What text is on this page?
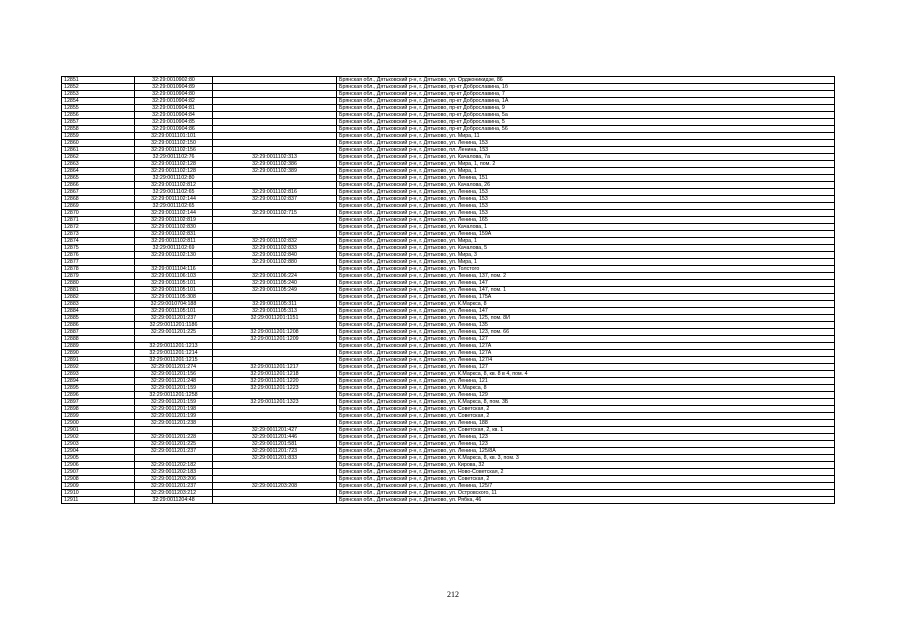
12851	32:29:0010902:80		Брянская обл., Дятьковский р-н, г. Дятьково, ул. Орджоникидзе, 86
12852	32:29:0010904:89		Брянская обл., Дятьковский р-н, г. Дятьково, пр-кт Доброславина, 1б
12853	32:29:0010904:80		Брянская обл., Дятьковский р-н, г. Дятьково, пр-кт Доброславина, 7
12854	32:29:0010904:82		Брянская обл., Дятьковский р-н, г. Дятьково, пр-кт Доброславина, 1А
12855	32:29:0010904:81		Брянская обл., Дятьковский р-н, г. Дятьково, пр-кт Доброславина, 9
12856	32:29:0010904:84		Брянская обл., Дятьковский р-н, г. Дятьково, пр-кт Доброславина, 5а
12857	32:29:0010904:85		Брянская обл., Дятьковский р-н, г. Дятьково, пр-кт Доброславина, 5
12858	32:29:0010904:86		Брянская обл., Дятьковский р-н, г. Дятьково, пр-кт Доброславина, 56
12859	32:29:0011101:101		Брянская обл., Дятьковский р-н, г. Дятьково, ул. Мира, 11
12860	32:29:0011102:150		Брянская обл., Дятьковский р-н, г. Дятьково, ул. Ленина, 153
12861	32:29:0011102:156		Брянская обл., Дятьковский р-н, г. Дятьково, пл. Ленина, 153
12862	32:29:0011102:76	32:29:0011102:313	Брянская обл., Дятьковский р-н, г. Дятьково, ул. Качалова, 7а
12863	32:29:0011102:128	32:29:0011102:386	Брянская обл., Дятьковский р-н, г. Дятьково, ул. Мира, 1, пом. 2
12864	32:29:0011102:128	32:29:0011102:389	Брянская обл., Дятьковский р-н, г. Дятьково, ул. Мира, 1
12865	32:29:0011102:80		Брянская обл., Дятьковский р-н, г. Дятьково, ул. Ленина, 151
12866	32:29:0011102:812		Брянская обл., Дятьковский р-н, г. Дятьково, ул. Качалова, 26
12867	32:29:0011102:65	32:29:0011102:816	Брянская обл., Дятьковский р-н, г. Дятьково, ул. Ленина, 153
12868	32:29:0011102:144	32:29:0011102:837	Брянская обл., Дятьковский р-н, г. Дятьково, ул. Ленина, 153
12869	32:29:0011102:65		Брянская обл., Дятьковский р-н, г. Дятьково, ул. Ленина, 153
12870	32:29:0011102:144	32:29:0011102:715	Брянская обл., Дятьковский р-н, г. Дятьково, ул. Ленина, 153
12871	32:29:0011102:819		Брянская обл., Дятьковский р-н, г. Дятьково, ул. Ленина, 165
12872	32:29:0011102:830		Брянская обл., Дятьковский р-н, г. Дятьково, ул. Качалова, 1
12873	32:29:0011102:831		Брянская обл., Дятьковский р-н, г. Дятьково, ул. Ленина, 159А
12874	32:29:0011102:811	32:29:0011102:832	Брянская обл., Дятьковский р-н, г. Дятьково, ул. Мира, 1
12875	32:29:0011102:69	32:29:0011102:833	Брянская обл., Дятьковский р-н, г. Дятьково, ул. Качалова, 5
12876	32:29:0011102:130	32:29:0011102:840	Брянская обл., Дятьковский р-н, г. Дятьково, ул. Мира, 3
12877		32:29:0011102:880	Брянская обл., Дятьковский р-н, г. Дятьково, ул. Мира, 1
12878	32:29:0011104:116		Брянская обл., Дятьковский р-н, г. Дятьково, ул. Толстого
12879	32:29:0011106:103	32:29:0011106:224	Брянская обл., Дятьковский р-н, г. Дятьково, ул. Ленина, 137, пом. 2
12880	32:29:0011105:101	32:29:0011105:240	Брянская обл., Дятьковский р-н, г. Дятьково, ул. Ленина, 147
12881	32:29:0011105:101	32:29:0011105:249	Брянская обл., Дятьковский р-н, г. Дятьково, ул. Ленина, 147, пом. 1
12882	32:29:0011105:308		Брянская обл., Дятьковский р-н, г. Дятьково, ул. Ленина, 175А
12883	32:29:0010704:188	32:29:0011105:311	Брянская обл., Дятьковский р-н, г. Дятьково, ул. К.Маркса, 8
12884	32:29:0011105:101	32:29:0011105:313	Брянская обл., Дятьковский р-н, г. Дятьково, ул. Ленина, 147
12885	32:29:0011201:237	32:29:0011201:1151	Брянская обл., Дятьковский р-н, г. Дятьково, ул. Ленина, 125, пом. 8И
12886	32:29:0011201:1186		Брянская обл., Дятьковский р-н, г. Дятьково, ул. Ленина, 135
12887	32:29:0011201:225	32:29:0011201:1208	Брянская обл., Дятьковский р-н, г. Дятьково, ул. Ленина, 123, пом. 66
12888		32:29:0011201:1209	Брянская обл., Дятьковский р-н, г. Дятьково, ул. Ленина, 127
12889	32:29:0011201:1213		Брянская обл., Дятьковский р-н, г. Дятьково, ул. Ленина, 127А
12890	32:29:0011201:1214		Брянская обл., Дятьковский р-н, г. Дятьково, ул. Ленина, 127А
12891	32:29:0011201:1215		Брянская обл., Дятьковский р-н, г. Дятьково, ул. Ленина, 127/4
12892	32:29:0011201:274	32:29:0011201:1217	Брянская обл., Дятьковский р-н, г. Дятьково, ул. Ленина, 127
12893	32:29:0011201:156	32:29:0011201:1218	Брянская обл., Дятьковский р-н, г. Дятьково, ул. К.Маркса, 8, кв. 8 в 4, пом. 4
12894	32:29:0011201:248	32:29:0011201:1220	Брянская обл., Дятьковский р-н, г. Дятьково, ул. Ленина, 121
12895	32:29:0011201:159	32:29:0011201:1223	Брянская обл., Дятьковский р-н, г. Дятьково, ул. К.Маркса, 8
12896	32:29:0011201:1258		Брянская обл., Дятьковский р-н, г. Дятьково, ул. Ленина, 129
12897	32:29:0011201:159	32:29:0011201:1323	Брянская обл., Дятьковский р-н, г. Дятьково, ул. К.Маркса, 8, пом. 3Б
12898	32:29:0011201:198		Брянская обл., Дятьковский р-н, г. Дятьково, ул. Советская, 2
12899	32:29:0011201:199		Брянская обл., Дятьковский р-н, г. Дятьково, ул. Советская, 2
12900	32:29:0011201:238		Брянская обл., Дятьковский р-н, г. Дятьково, ул. Ленина, 188
12901		32:29:0011201:427	Брянская обл., Дятьковский р-н, г. Дятьково, ул. Советская, 2, кв. 1
12902	32:29:0011201:228	32:29:0011201:446	Брянская обл., Дятьковский р-н, г. Дятьково, ул. Ленина, 123
12903	32:29:0011201:225	32:29:0011201:581	Брянская обл., Дятьковский р-н, г. Дятьково, ул. Ленина, 123
12904	32:29:0011201:237	32:29:0011201:723	Брянская обл., Дятьковский р-н, г. Дятьково, ул. Ленина, 125/8А
12905		32:29:0011201:833	Брянская обл., Дятьковский р-н, г. Дятьково, ул. К.Маркса, 8, кв. 3, пом. 3
12906	32:29:0011202:182		Брянская обл., Дятьковский р-н, г. Дятьково, ул. Кирова, 32
12907	32:29:0011202:183		Брянская обл., Дятьковский р-н, г. Дятьково, ул. Ново-Советская, 2
12908	32:29:0011203:206		Брянская обл., Дятьковский р-н, г. Дятьково, ул. Советская, 2
12909	32:29:0011201:237	32:29:0011203:208	Брянская обл., Дятьковский р-н, г. Дятьково, ул. Ленина, 125/7
12910	32:29:0011203:212		Брянская обл., Дятьковский р-н, г. Дятьково, ул. Островского, 11
12911	32:29:0011204:48		Брянская обл., Дятьковский р-н, г. Дятьково, ул. Рябка, 46
212
